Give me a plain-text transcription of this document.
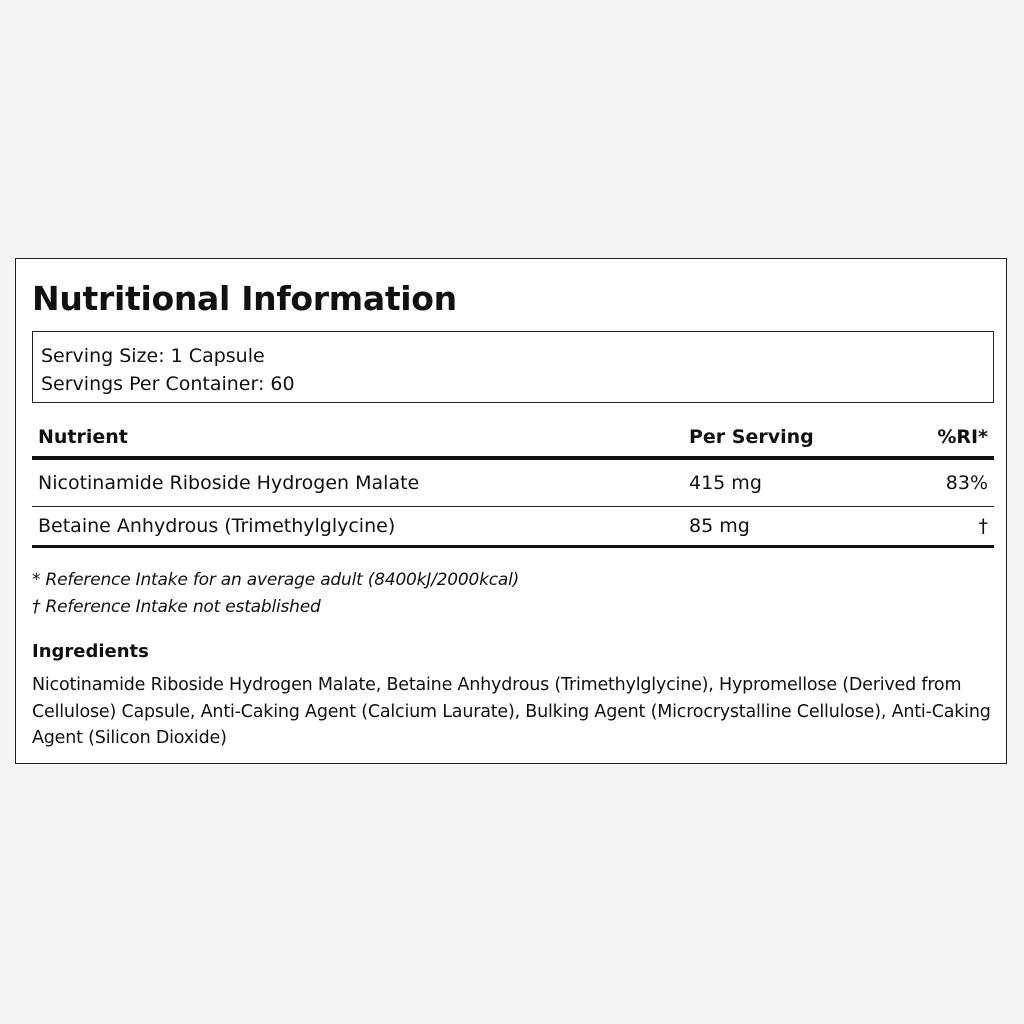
Nutritional Information
Serving Size: 1 Capsule
Servings Per Container: 60
Nutrient	Per Serving	%RI*
Nicotinamide Riboside Hydrogen Malate	415 mg	83%
Betaine Anhydrous (Trimethylglycine)	85 mg	†
* Reference Intake for an average adult (8400kJ/2000kcal)
† Reference Intake not established
Ingredients
Nicotinamide Riboside Hydrogen Malate, Betaine Anhydrous (Trimethylglycine), Hypromellose (Derived from Cellulose) Capsule, Anti-Caking Agent (Calcium Laurate), Bulking Agent (Microcrystalline Cellulose), Anti-Caking Agent (Silicon Dioxide)
